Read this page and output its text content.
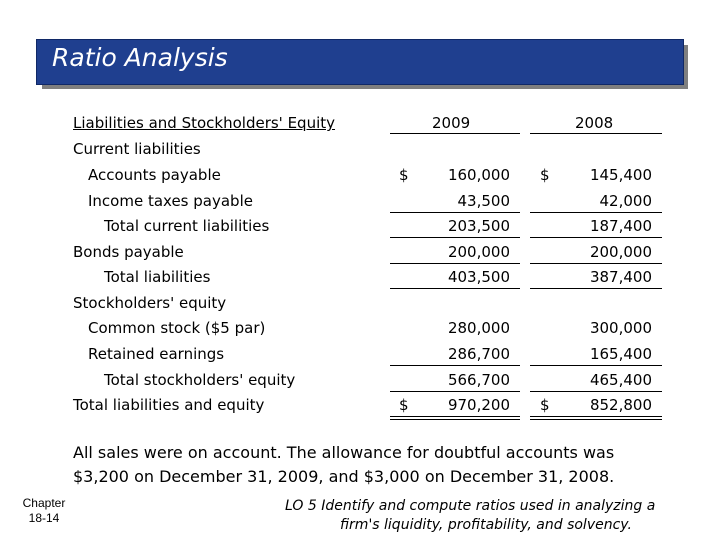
Ratio Analysis
Liabilities and Stockholders' Equity	2009	2008
Current liabilities
Accounts payable	$	160,000 $	145,400
Income taxes payable	43,500	42,000
Total current liabilities	203,500	187,400
Bonds payable	200,000	200,000
Total liabilities	403,500	387,400
Stockholders' equity
Common stock ($5 par)	280,000	300,000
Retained earnings	286,700	165,400
Total stockholders' equity	566,700	465,400
Total liabilities and equity	$	970,200 $	852,800
All sales were on account. The allowance for doubtful accounts was $3,200 on December 31, 2009, and $3,000 on December 31, 2008.
Chapter
18-14
LO 5 Identify and compute ratios used in analyzing a
firm's liquidity, profitability, and solvency.
